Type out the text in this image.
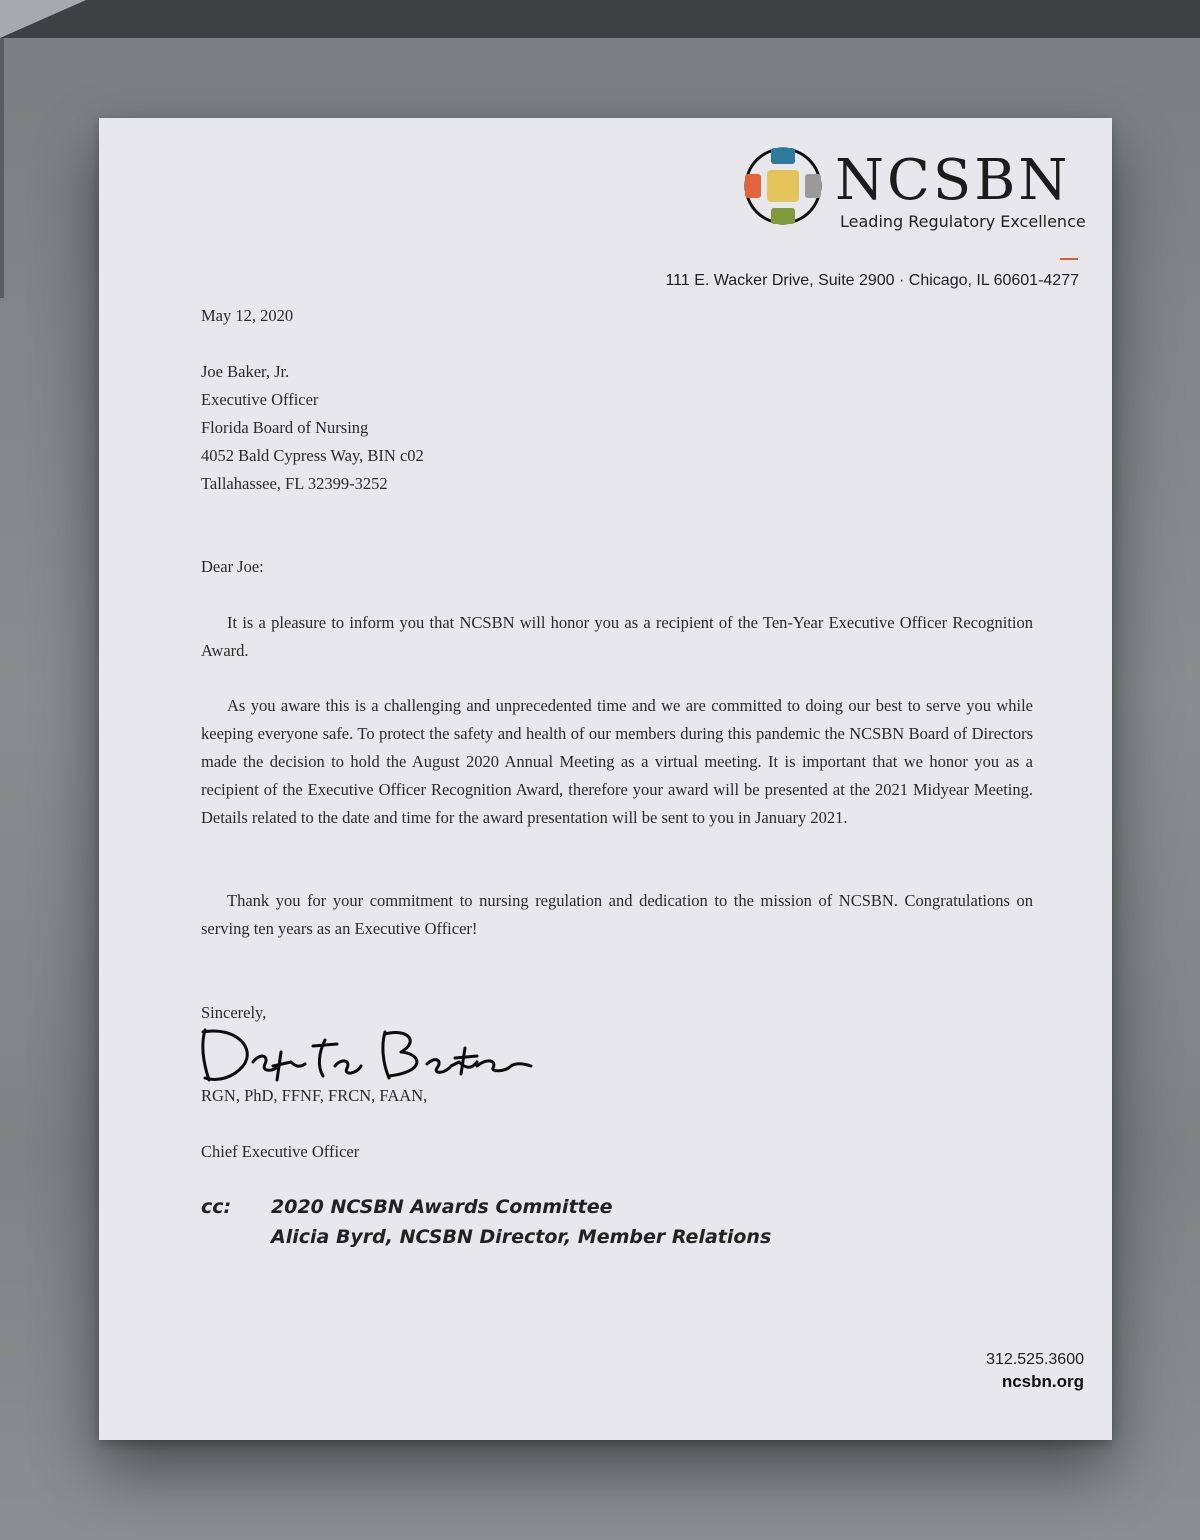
NCSBN
Leading Regulatory Excellence
111 E. Wacker Drive, Suite 2900 · Chicago, IL 60601-4277
May 12, 2020
Joe Baker, Jr.
Executive Officer
Florida Board of Nursing
4052 Bald Cypress Way, BIN c02
Tallahassee, FL 32399-3252
Dear Joe:
It is a pleasure to inform you that NCSBN will honor you as a recipient of the Ten-Year Executive Officer Recognition Award.
As you aware this is a challenging and unprecedented time and we are committed to doing our best to serve you while keeping everyone safe. To protect the safety and health of our members during this pandemic the NCSBN Board of Directors made the decision to hold the August 2020 Annual Meeting as a virtual meeting. It is important that we honor you as a recipient of the Executive Officer Recognition Award, therefore your award will be presented at the 2021 Midyear Meeting. Details related to the date and time for the award presentation will be sent to you in January 2021.
Thank you for your commitment to nursing regulation and dedication to the mission of NCSBN. Congratulations on serving ten years as an Executive Officer!
Sincerely,
RGN, PhD, FFNF, FRCN, FAAN,
Chief Executive Officer
cc: 2020 NCSBN Awards Committee
Alicia Byrd, NCSBN Director, Member Relations
312.525.3600
ncsbn.org
